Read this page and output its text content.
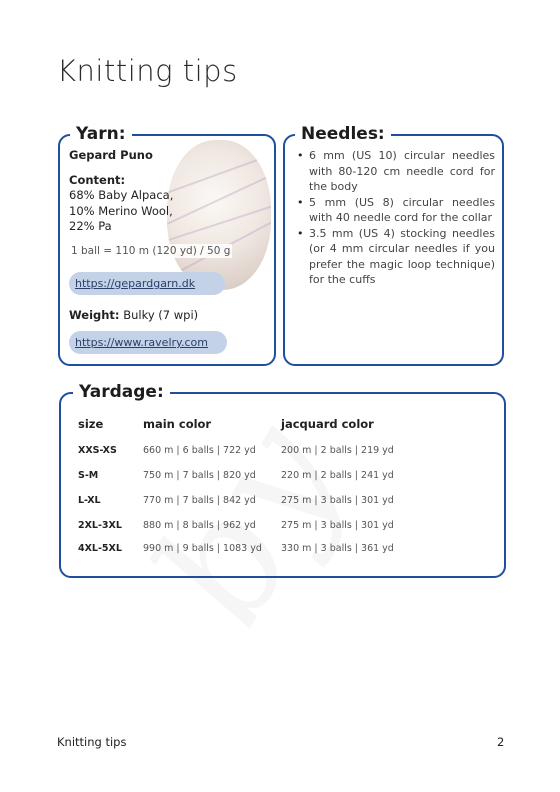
Knitting tips
Yarn:
Gepard Puno
Content:
68% Baby Alpaca,
10% Merino Wool,
22% Pa
1 ball = 110 m (120 yd) / 50 g
https://gepardgarn.dk
Weight: Bulky (7 wpi)
https://www.ravelry.com
Needles:
• 6 mm (US 10) circular needles with 80-120 cm needle cord for the body
• 5 mm (US 8) circular needles with 40 needle cord for the collar
• 3.5 mm (US 4) stocking needles (or 4 mm circular needles if you prefer the magic loop technique) for the cuffs
Yardage:
size	main color	jacquard color
XXS-XS	660 m | 6 balls | 722 yd	200 m | 2 balls | 219 yd
S-M	750 m | 7 balls | 820 yd	220 m | 2 balls | 241 yd
L-XL	770 m | 7 balls | 842 yd	275 m | 3 balls | 301 yd
2XL-3XL 880 m | 8 balls | 962 yd	275 m | 3 balls | 301 yd
4XL-5XL 990 m | 9 balls | 1083 yd 330 m | 3 balls | 361 yd
Knitting tips	2
